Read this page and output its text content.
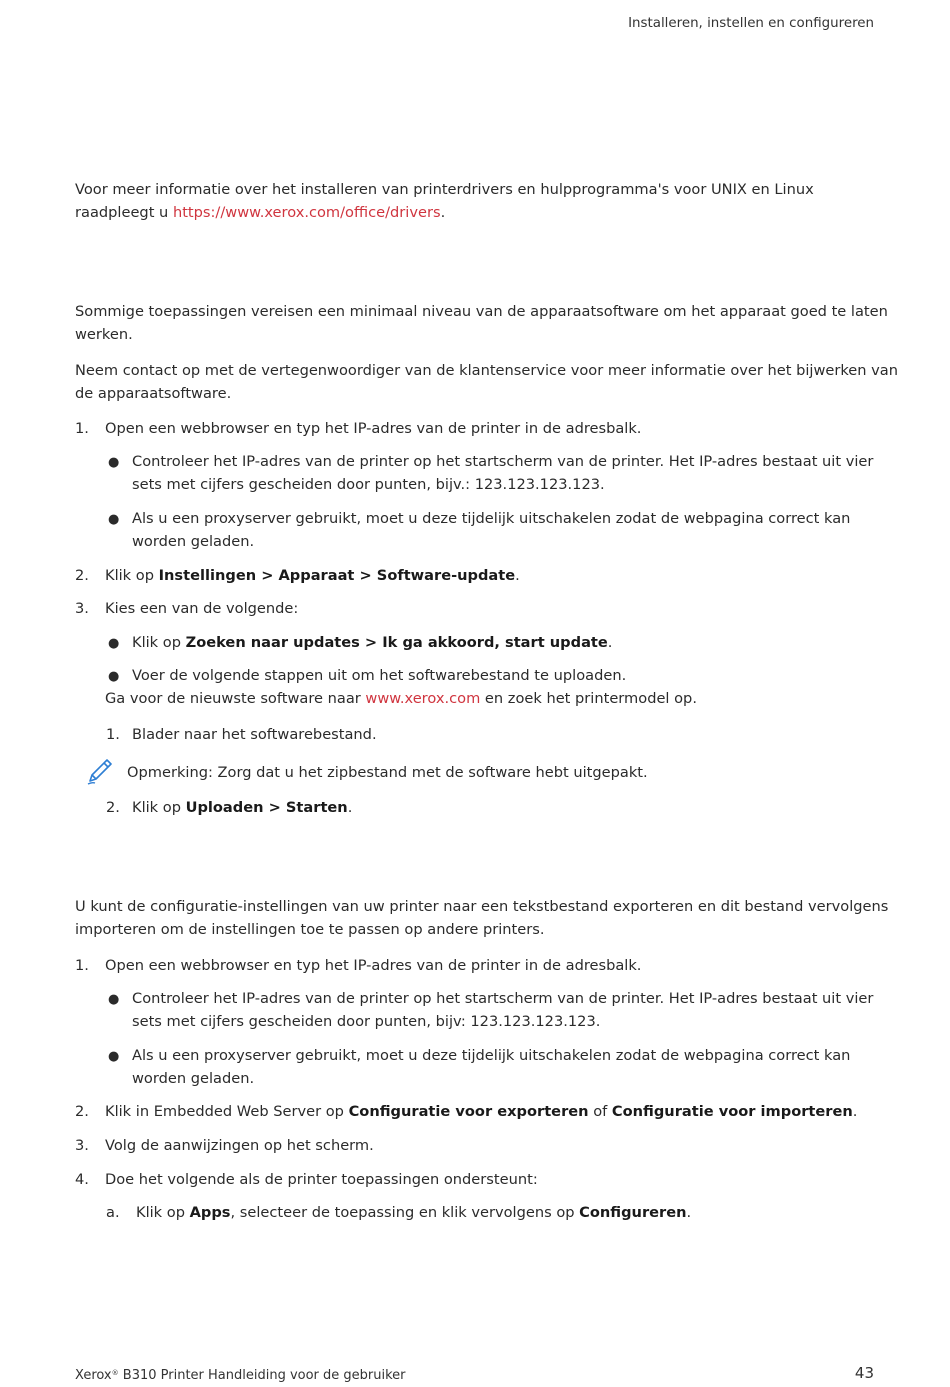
Installeren, instellen en configureren
Voor meer informatie over het installeren van printerdrivers en hulpprogramma's voor UNIX en Linux
raadpleegt u https://www.xerox.com/office/drivers.
Sommige toepassingen vereisen een minimaal niveau van de apparaatsoftware om het apparaat goed te laten
werken.
Neem contact op met de vertegenwoordiger van de klantenservice voor meer informatie over het bijwerken van
de apparaatsoftware.
1. Open een webbrowser en typ het IP-adres van de printer in de adresbalk.
● Controleer het IP-adres van de printer op het startscherm van de printer. Het IP-adres bestaat uit vier
sets met cijfers gescheiden door punten, bijv.: 123.123.123.123.
● Als u een proxyserver gebruikt, moet u deze tijdelijk uitschakelen zodat de webpagina correct kan
worden geladen.
2. Klik op Instellingen > Apparaat > Software-update.
3. Kies een van de volgende:
● Klik op Zoeken naar updates > Ik ga akkoord, start update.
● Voer de volgende stappen uit om het softwarebestand te uploaden.
Ga voor de nieuwste software naar www.xerox.com en zoek het printermodel op.
1. Blader naar het softwarebestand.
Opmerking: Zorg dat u het zipbestand met de software hebt uitgepakt.
2. Klik op Uploaden > Starten.
U kunt de configuratie-instellingen van uw printer naar een tekstbestand exporteren en dit bestand vervolgens
importeren om de instellingen toe te passen op andere printers.
1. Open een webbrowser en typ het IP-adres van de printer in de adresbalk.
● Controleer het IP-adres van de printer op het startscherm van de printer. Het IP-adres bestaat uit vier
sets met cijfers gescheiden door punten, bijv: 123.123.123.123.
● Als u een proxyserver gebruikt, moet u deze tijdelijk uitschakelen zodat de webpagina correct kan
worden geladen.
2. Klik in Embedded Web Server op Configuratie voor exporteren of Configuratie voor importeren.
3. Volg de aanwijzingen op het scherm.
4. Doe het volgende als de printer toepassingen ondersteunt:
a. Klik op Apps, selecteer de toepassing en klik vervolgens op Configureren.
Xerox® B310 Printer Handleiding voor de gebruiker	43
